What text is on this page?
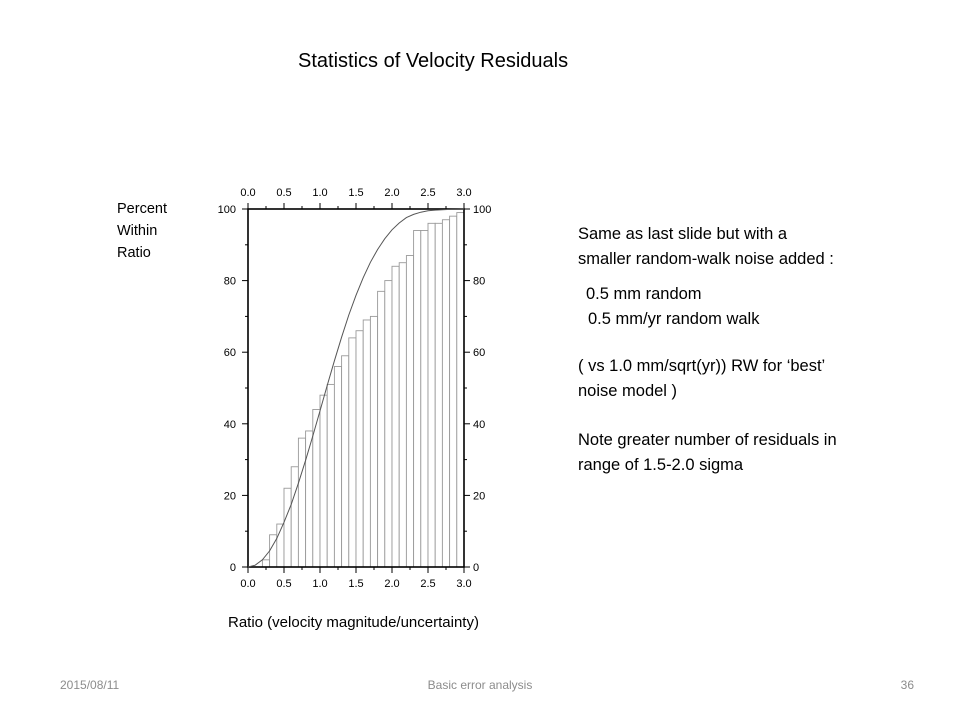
Statistics of Velocity Residuals
Percent
Within
Ratio
0.0
0.0
0.5
0.5
1.0
1.0
1.5
1.5
2.0
2.0
2.5
2.5
3.0
3.0
0	0
20	20
40	40
60	60
80	80
100	100
Ratio (velocity magnitude/uncertainty)

Same as last slide but with a smaller random-walk noise added :

0.5 mm random

0.5 mm/yr random walk

( vs 1.0 mm/sqrt(yr)) RW for ‘best’ noise model )

Note greater number of residuals in range of 1.5-2.0 sigma

2015/08/11	Basic error analysis	36
